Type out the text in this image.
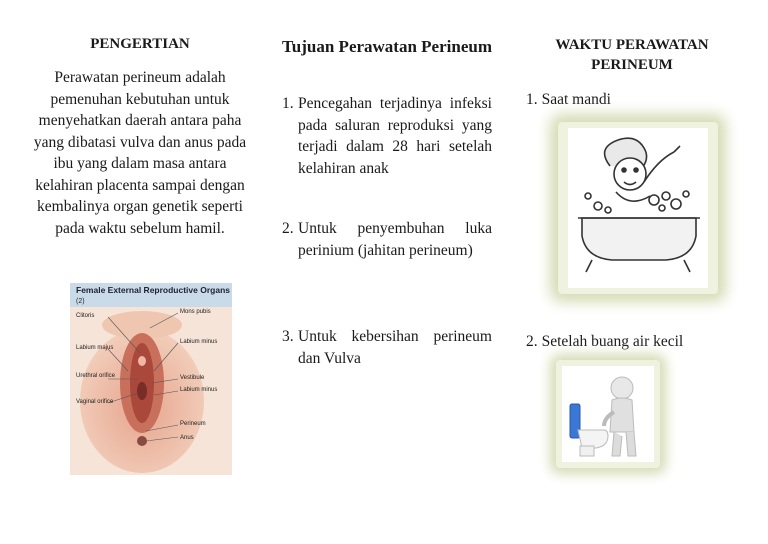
PENGERTIAN

Perawatan perineum adalah pemenuhan kebutuhan untuk menyehatkan daerah antara paha yang dibatasi vulva dan anus pada ibu yang dalam masa antara kelahiran placenta sampai dengan kembalinya organ genetik seperti pada waktu sebelum hamil.

Female External Reproductive Organs
(2)
Clitoris
Labium majus
Urethral orifice
Vaginal orifice
Mons pubis
Labium minus
Vestibule
Labium minus
Perineum
Anus
Tujuan Perawatan Perineum
1. Pencegahan terjadinya infeksi pada saluran reproduksi yang terjadi dalam 28 hari setelah kelahiran anak
2. Untuk penyembuhan luka perinium (jahitan perineum)
3. Untuk kebersihan perineum dan Vulva
WAKTU PERAWATAN PERINEUM
1. Saat mandi
2. Setelah buang air kecil
